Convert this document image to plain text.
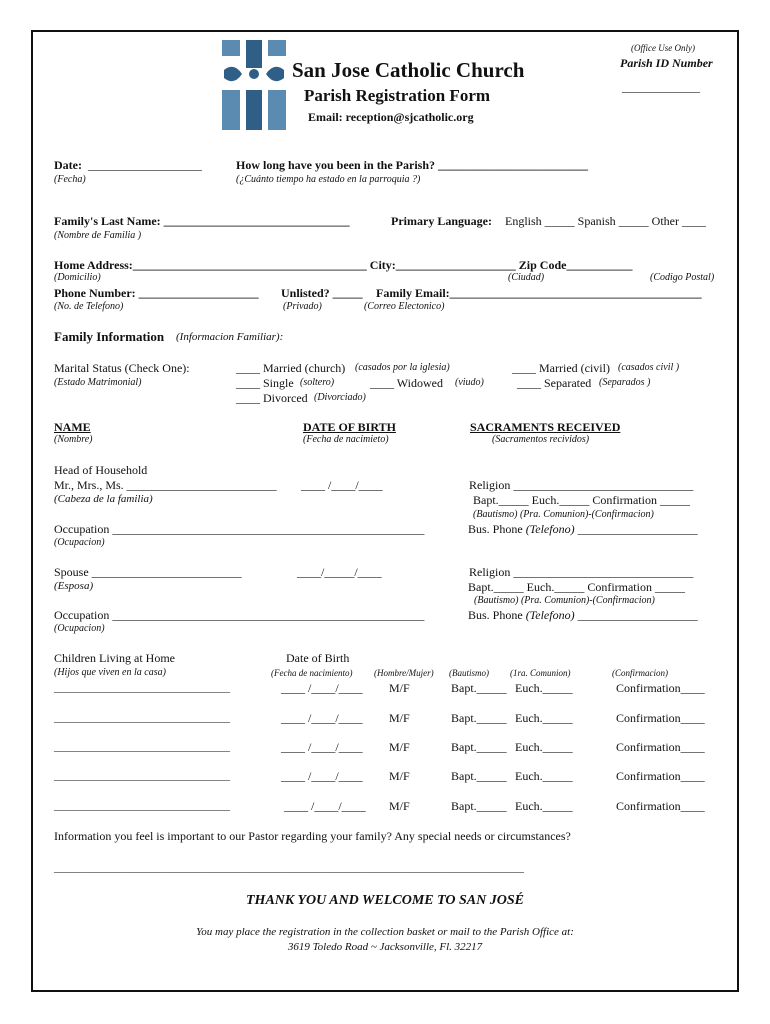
(Office Use Only)
Parish ID Number
_____________
San Jose Catholic Church
Parish Registration Form
Email: reception@sjcatholic.org
Date: ___________________
(Fecha)
How long have you been in the Parish? _________________________
(¿Cuánto tiempo ha estado en la parroquia ?)
Family's Last Name: _______________________________
(Nombre de Familia )
Primary Language: English _____ Spanish _____ Other ____
Home Address:_______________________________________ City:____________________ Zip Code___________
(Domicilio)	(Ciudad)	(Codigo Postal)
Phone Number: ____________________
(No. de Telefono)
Unlisted? _____
(Privado)
Family Email:__________________________________________
(Correo Electonico)
Family Information (Informacion Familiar):
Marital Status (Check One):
(Estado Matrimonial)
____ Married (church) (casados por la iglesia)	____ Married (civil) (casados civil )
____ Single (soltero)	____ Widowed (viudo)	____ Separated (Separados )
____ Divorced (Divorciado)
NAME
(Nombre)
DATE OF BIRTH
(Fecha de nacimieto)
SACRAMENTS RECEIVED
(Sacramentos recividos)
Head of Household
Mr., Mrs., Ms. _________________________
(Cabeza de la familia)
____ /____/____	Religion ______________________________
Bapt._____ Euch._____ Confirmation _____
(Bautismo) (Pra. Comunion)-(Confirmacion)
Occupation ____________________________________________________
(Ocupacion)
Bus. Phone (Telefono) ____________________
Spouse _________________________
(Esposa)
____/_____/____	Religion ______________________________
Bapt._____ Euch._____ Confirmation _____
(Bautismo) (Pra. Comunion)-(Confirmacion)
Occupation ____________________________________________________
(Ocupacion)
Bus. Phone (Telefono) ____________________
Children Living at Home
(Hijos que viven en la casa)
Date of Birth
(Fecha de nacimiento) (Hombre/Mujer) (Bautismo) (1ra. Comunion)	(Confirmacion)
________________________________	____ /____/____ M/F	Bapt._____ Euch._____	Confirmation____
________________________________	____ /____/____ M/F	Bapt._____ Euch._____	Confirmation____
________________________________	____ /____/____ M/F	Bapt._____ Euch._____	Confirmation____
________________________________	____ /____/____ M/F	Bapt._____ Euch._____	Confirmation____
________________________________	____ /____/____ M/F	Bapt._____ Euch._____	Confirmation____
Information you feel is important to our Pastor regarding your family? Any special needs or circumstances?
______________________________________________________________________________________________
THANK YOU AND WELCOME TO SAN JOSÉ
You may place the registration in the collection basket or mail to the Parish Office at:
3619 Toledo Road ~ Jacksonville, Fl. 32217
